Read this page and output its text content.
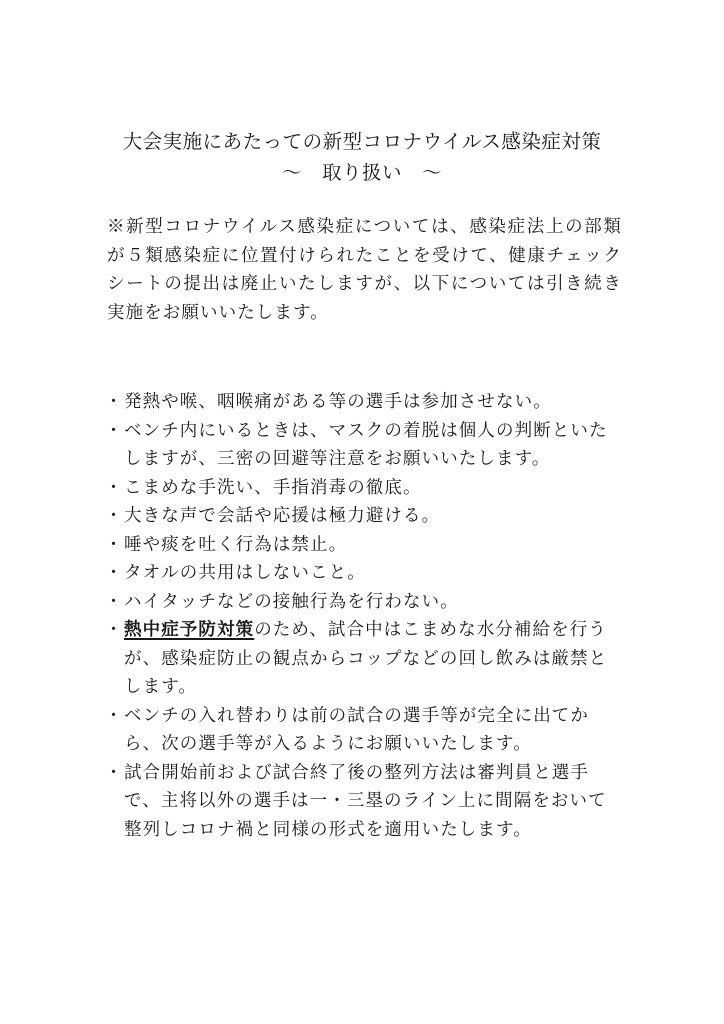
大会実施にあたっての新型コロナウイルス感染症対策
〜　取り扱い　〜

※新型コロナウイルス感染症については、感染症法上の部類が５類感染症に位置付けられたことを受けて、健康チェックシートの提出は廃止いたしますが、以下については引き続き実施をお願いいたします。

・ 発熱や喉、咽喉痛がある等の選手は参加させない。
・ ベンチ内にいるときは、マスクの着脱は個人の判断といたしますが、三密の回避等注意をお願いいたします。
・ こまめな手洗い、手指消毒の徹底。
・ 大きな声で会話や応援は極力避ける。
・ 唾や痰を吐く行為は禁止。
・ タオルの共用はしないこと。
・ ハイタッチなどの接触行為を行わない。
・ 熱中症予防対策のため、試合中はこまめな水分補給を行うが、感染症防止の観点からコップなどの回し飲みは厳禁とします。
・ ベンチの入れ替わりは前の試合の選手等が完全に出てから、次の選手等が入るようにお願いいたします。
・ 試合開始前および試合終了後の整列方法は審判員と選手で、主将以外の選手は一・三塁のライン上に間隔をおいて整列しコロナ禍と同様の形式を適用いたします。
